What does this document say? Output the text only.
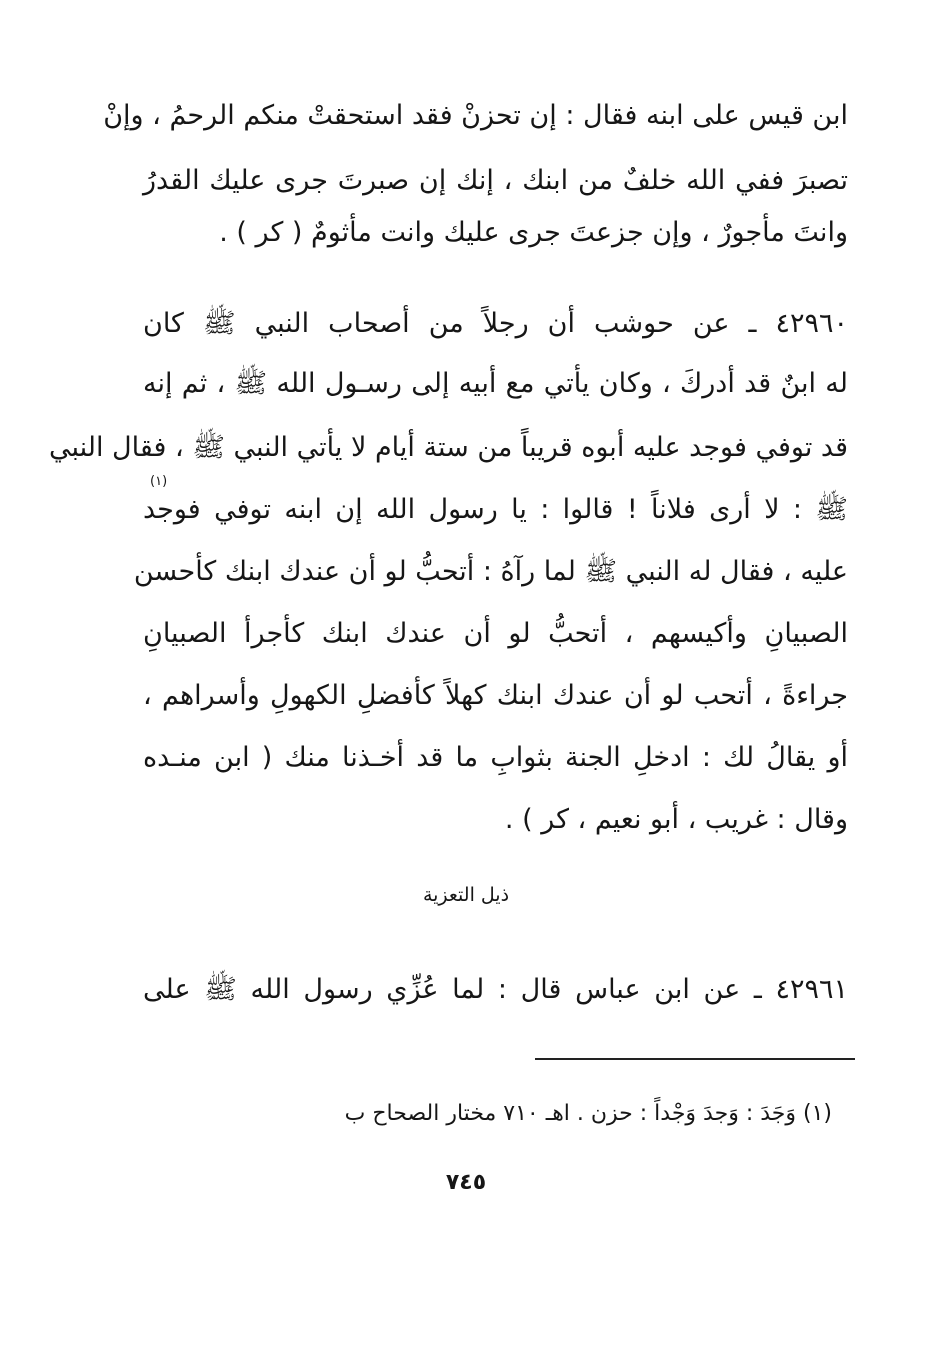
ابن قيس على ابنه فقال : إن تحزنْ فقد استحقتْ منكم الرحمُ ، وإنْ
تصبرَ ففي الله خلفٌ من ابنك ، إنك إن صبرتَ جرى عليك القدرُ
وانتَ مأجورٌ ، وإن جزعتَ جرى عليك وانت مأثومٌ ( كر ) .
٤٢٩٦٠ ـ عن حوشب أن رجلاً من أصحاب النبي ﷺ كان
له ابنٌ قد أدركَ ، وكان يأتي مع أبيه إلى رسـول الله ﷺ ، ثم إنه
قد توفي فوجد عليه أبوه قريباً من ستة أيام لا يأتي النبي ﷺ ، فقال النبي
ﷺ : لا أرى فلاناً ! قالوا : يا رسول الله إن ابنه توفي فوجد
(١)
عليه ، فقال له النبي ﷺ لما رآهُ : أتحبُّ لو أن عندك ابنك كأحسن
الصبيانِ وأكيسهم ، أتحبُّ لو أن عندك ابنك كأجرأ الصبيانِ
جراءةً ، أتحب لو أن عندك ابنك كهلاً كأفضلِ الكهولِ وأسراهم ،
أو يقالُ لك : ادخلِ الجنة بثوابِ ما قد أخـذنا منك ( ابن منـده
وقال : غريب ، أبو نعيم ، كر ) .
ذيل التعزية
٤٢٩٦١ ـ عن ابن عباس قال : لما عُزِّي رسول الله ﷺ على
(١) وَجَدَ : وَجدَ وَجْداً : حزن . اهـ ٧١٠ مختار الصحاح ب
٧٤٥
